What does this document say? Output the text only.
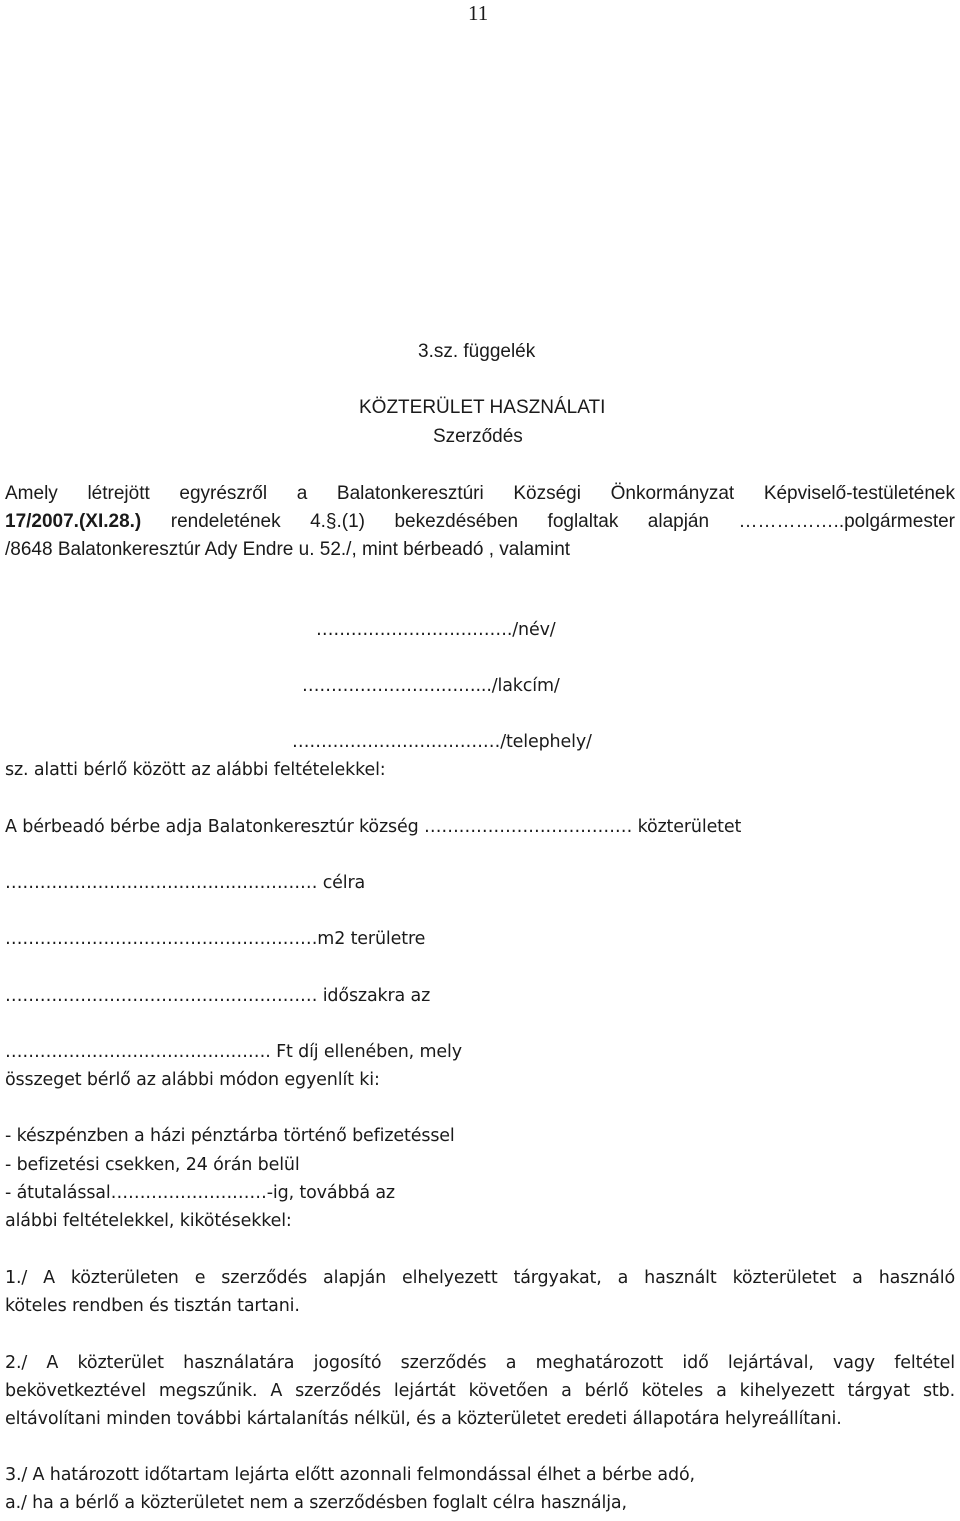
11
3.sz. függelék
KÖZTERÜLET HASZNÁLATI
Szerződés
Amely létrejött egyrészről a Balatonkeresztúri Községi Önkormányzat Képviselő-testületének
17/2007.(XI.28.) rendeletének 4.§.(1) bekezdésében foglaltak alapján ……………..polgármester
/8648 Balatonkeresztúr Ady Endre u. 52./, mint bérbeadó , valamint
……………………………./név/
………………………….../lakcím/
………………………………/telephely/
sz. alatti bérlő között az alábbi feltételekkel:
A bérbeadó bérbe adja Balatonkeresztúr község ……………………………… közterületet
……………………………………………… célra
………………………………………………m2 területre
……………………………………………… időszakra az
………………………………………. Ft díj ellenében, mely
összeget bérlő az alábbi módon egyenlít ki:
- készpénzben a házi pénztárba történő befizetéssel
- befizetési csekken, 24 órán belül
- átutalással………………………-ig, továbbá az
alábbi feltételekkel, kikötésekkel:
1./ A közterületen e szerződés alapján elhelyezett tárgyakat, a használt közterületet a használó
köteles rendben és tisztán tartani.
2./ A közterület használatára jogosító szerződés a meghatározott idő lejártával, vagy feltétel
bekövetkeztével megszűnik. A szerződés lejártát követően a bérlő köteles a kihelyezett tárgyat stb.
eltávolítani minden további kártalanítás nélkül, és a közterületet eredeti állapotára helyreállítani.
3./ A határozott időtartam lejárta előtt azonnali felmondással élhet a bérbe adó,
a./ ha a bérlő a közterületet nem a szerződésben foglalt célra használja,
